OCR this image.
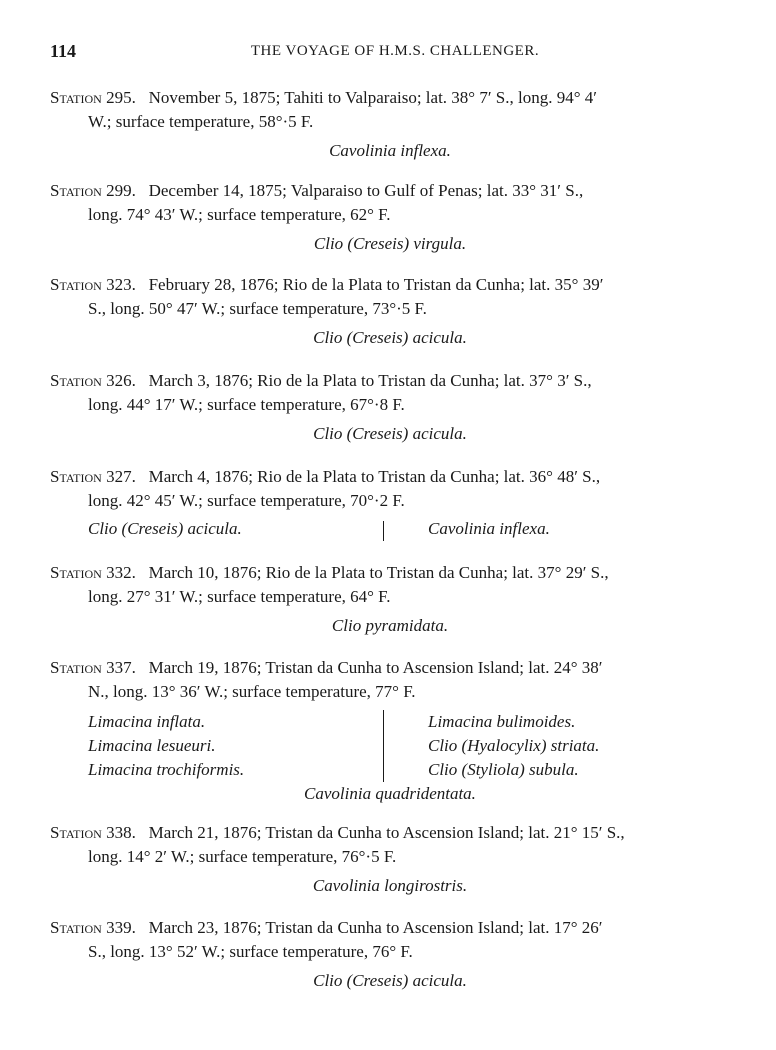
114	THE VOYAGE OF H.M.S. CHALLENGER.
Station 295. November 5, 1875; Tahiti to Valparaiso; lat. 38° 7′ S., long. 94° 4′
W.; surface temperature, 58°·5 F.
Cavolinia inflexa.
Station 299. December 14, 1875; Valparaiso to Gulf of Penas; lat. 33° 31′ S.,
long. 74° 43′ W.; surface temperature, 62° F.
Clio (Creseis) virgula.
Station 323. February 28, 1876; Rio de la Plata to Tristan da Cunha; lat. 35° 39′
S., long. 50° 47′ W.; surface temperature, 73°·5 F.
Clio (Creseis) acicula.
Station 326. March 3, 1876; Rio de la Plata to Tristan da Cunha; lat. 37° 3′ S.,
long. 44° 17′ W.; surface temperature, 67°·8 F.
Clio (Creseis) acicula.
Station 327. March 4, 1876; Rio de la Plata to Tristan da Cunha; lat. 36° 48′ S.,
long. 42° 45′ W.; surface temperature, 70°·2 F.
Clio (Creseis) acicula.	Cavolinia inflexa.
Station 332. March 10, 1876; Rio de la Plata to Tristan da Cunha; lat. 37° 29′ S.,
long. 27° 31′ W.; surface temperature, 64° F.
Clio pyramidata.
Station 337. March 19, 1876; Tristan da Cunha to Ascension Island; lat. 24° 38′
N., long. 13° 36′ W.; surface temperature, 77° F.
Limacina inflata.
Limacina lesueuri.
Limacina trochiformis.
Limacina bulimoides.
Clio (Hyalocylix) striata.
Clio (Styliola) subula.
Cavolinia quadridentata.
Station 338. March 21, 1876; Tristan da Cunha to Ascension Island; lat. 21° 15′ S.,
long. 14° 2′ W.; surface temperature, 76°·5 F.
Cavolinia longirostris.
Station 339. March 23, 1876; Tristan da Cunha to Ascension Island; lat. 17° 26′
S., long. 13° 52′ W.; surface temperature, 76° F.
Clio (Creseis) acicula.
